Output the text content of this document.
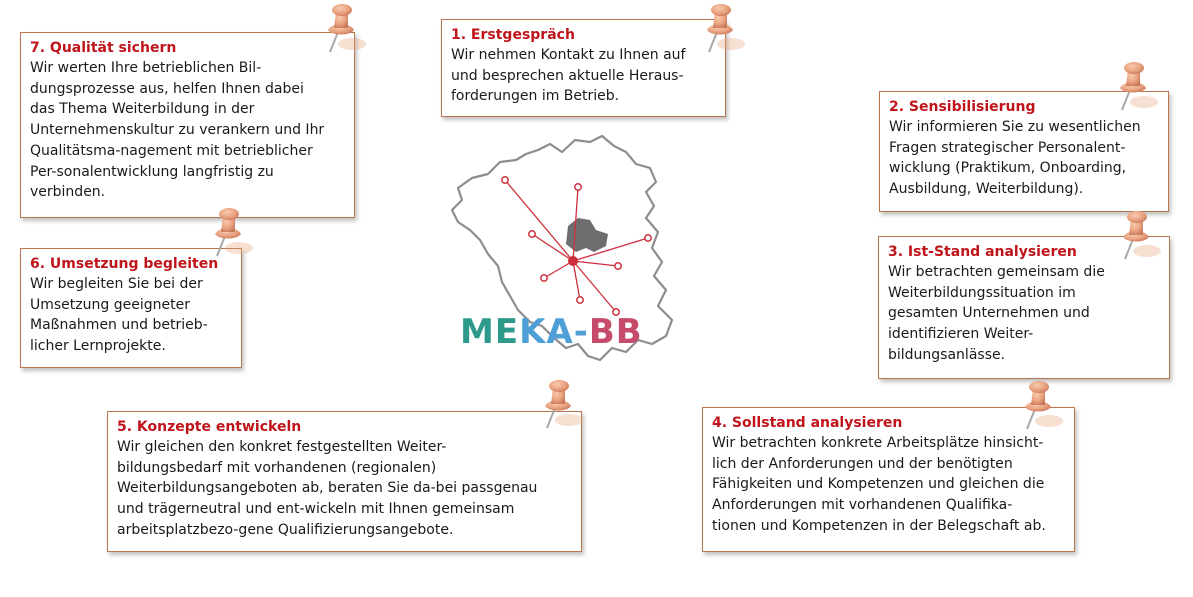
1. Erstgespräch
Wir nehmen Kontakt zu Ihnen auf
und besprechen aktuelle Heraus-
forderungen im Betrieb.
2. Sensibilisierung
Wir informieren Sie zu wesentlichen
Fragen strategischer Personalent-
wicklung (Praktikum, Onboarding,
Ausbildung, Weiterbildung).
3. Ist-Stand analysieren
Wir betrachten gemeinsam die
Weiterbildungssituation im
gesamten Unternehmen und
identifizieren Weiter-
bildungsanlässe.
4. Sollstand analysieren
Wir betrachten konkrete Arbeitsplätze hinsicht-
lich der Anforderungen und der benötigten
Fähigkeiten und Kompetenzen und gleichen die
Anforderungen mit vorhandenen Qualifika-
tionen und Kompetenzen in der Belegschaft ab.
5. Konzepte entwickeln
Wir gleichen den konkret festgestellten Weiter-
bildungsbedarf mit vorhandenen (regionalen)
Weiterbildungsangeboten ab, beraten Sie da-bei passgenau
und trägerneutral und ent-wickeln mit Ihnen gemeinsam
arbeitsplatzbezo-gene Qualifizierungsangebote.
6. Umsetzung begleiten
Wir begleiten Sie bei der
Umsetzung geeigneter
Maßnahmen und betrieb-
licher Lernprojekte.
7. Qualität sichern
Wir werten Ihre betrieblichen Bil-
dungsprozesse aus, helfen Ihnen dabei
das Thema Weiterbildung in der
Unternehmenskultur zu verankern und Ihr
Qualitätsma-nagement mit betrieblicher
Per-sonalentwicklung langfristig zu
verbinden.
MEKA-BB
